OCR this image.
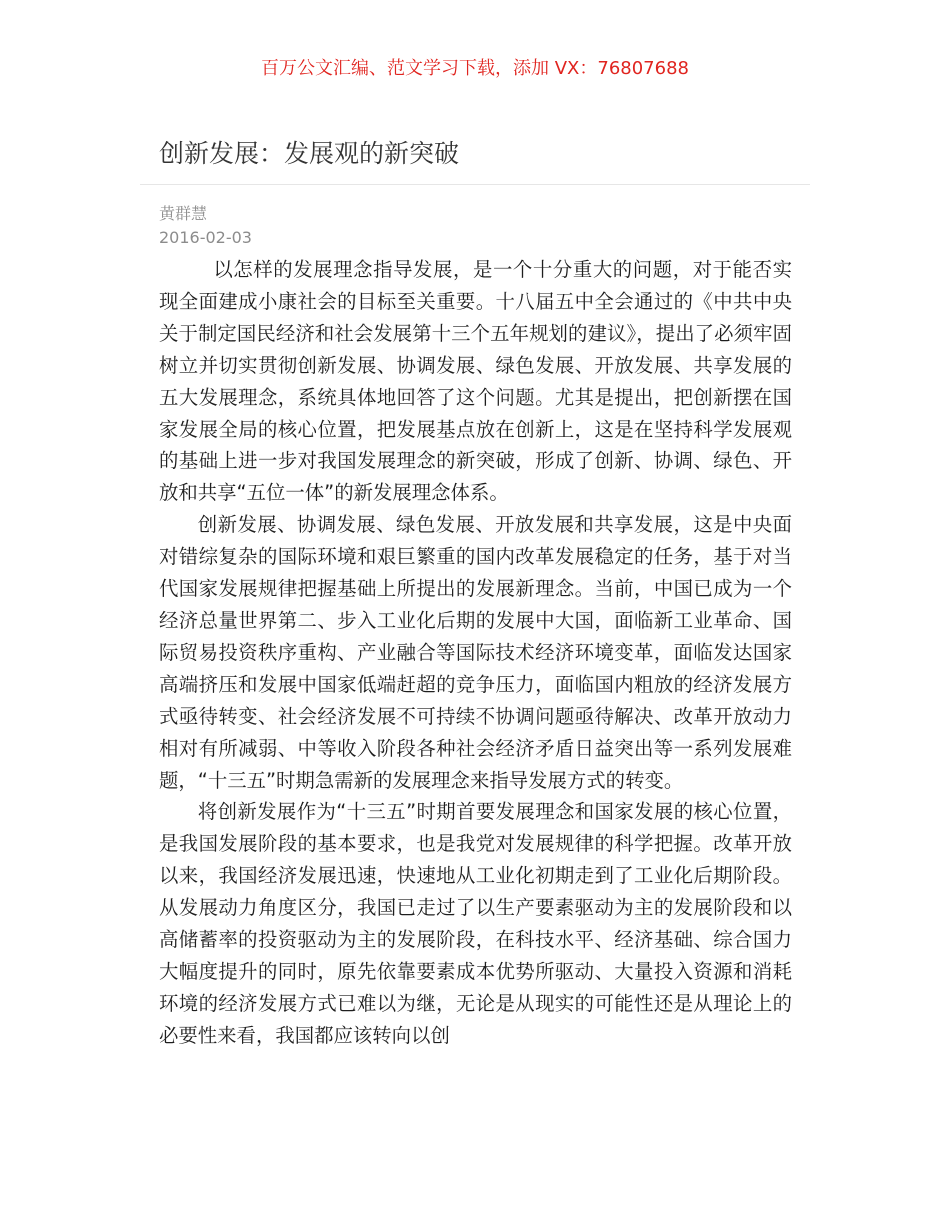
百万公文汇编、范文学习下载，添加 VX：76807688
创新发展：发展观的新突破
黄群慧
2016-02-03

以怎样的发展理念指导发展，是一个十分重大的问题，对于能否实现全面建成小康社会的目标至关重要。十八届五中全会通过的《中共中央关于制定国民经济和社会发展第十三个五年规划的建议》，提出了必须牢固树立并切实贯彻创新发展、协调发展、绿色发展、开放发展、共享发展的五大发展理念，系统具体地回答了这个问题。尤其是提出，把创新摆在国家发展全局的核心位置，把发展基点放在创新上，这是在坚持科学发展观的基础上进一步对我国发展理念的新突破，形成了创新、协调、绿色、开放和共享“五位一体”的新发展理念体系。

创新发展、协调发展、绿色发展、开放发展和共享发展，这是中央面对错综复杂的国际环境和艰巨繁重的国内改革发展稳定的任务，基于对当代国家发展规律把握基础上所提出的发展新理念。当前，中国已成为一个经济总量世界第二、步入工业化后期的发展中大国，面临新工业革命、国际贸易投资秩序重构、产业融合等国际技术经济环境变革，面临发达国家高端挤压和发展中国家低端赶超的竞争压力，面临国内粗放的经济发展方式亟待转变、社会经济发展不可持续不协调问题亟待解决、改革开放动力相对有所减弱、中等收入阶段各种社会经济矛盾日益突出等一系列发展难题，“十三五”时期急需新的发展理念来指导发展方式的转变。

将创新发展作为“十三五”时期首要发展理念和国家发展的核心位置，是我国发展阶段的基本要求，也是我党对发展规律的科学把握。改革开放以来，我国经济发展迅速，快速地从工业化初期走到了工业化后期阶段。从发展动力角度区分，我国已走过了以生产要素驱动为主的发展阶段和以高储蓄率的投资驱动为主的发展阶段，在科技水平、经济基础、综合国力大幅度提升的同时，原先依靠要素成本优势所驱动、大量投入资源和消耗环境的经济发展方式已难以为继，无论是从现实的可能性还是从理论上的必要性来看，我国都应该转向以创
